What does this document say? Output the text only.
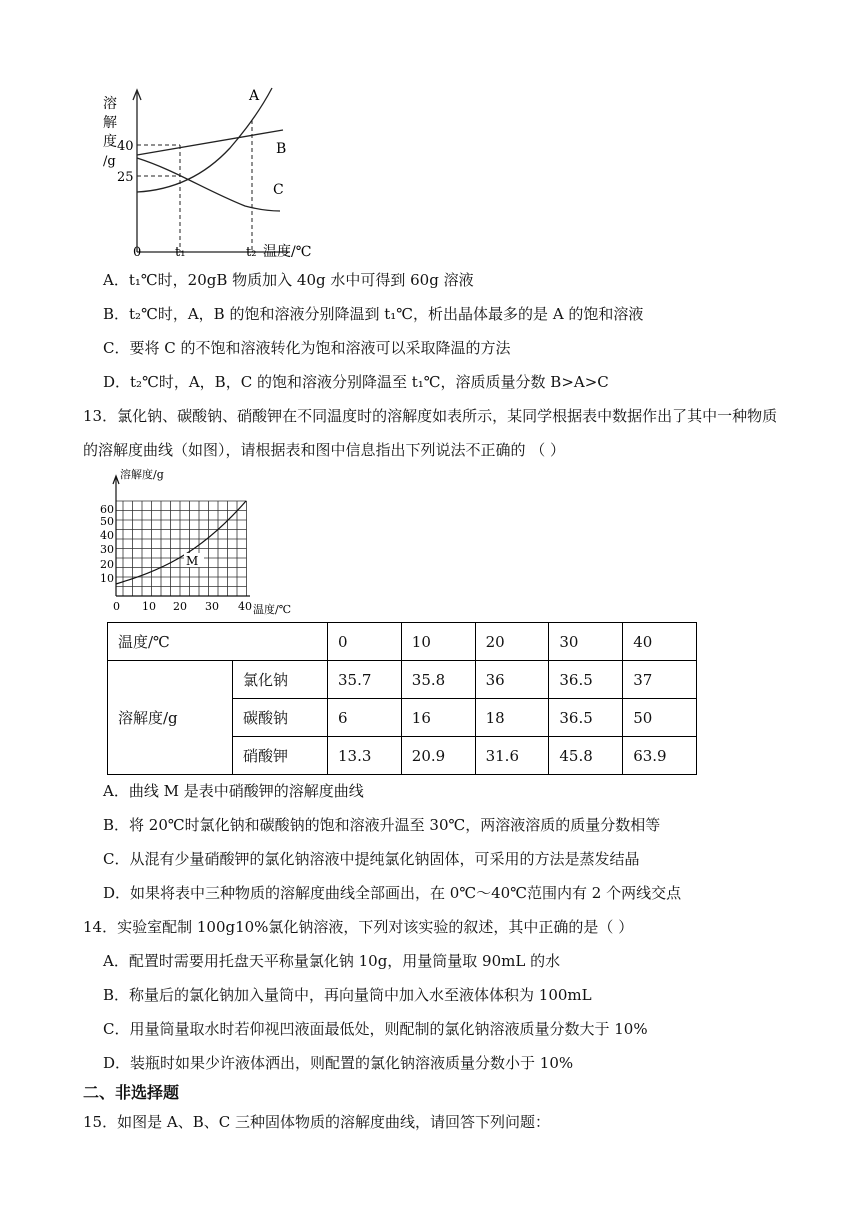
溶
解
度
/g
40
25
0	t₁	t₂ 温度/℃
A
B
C
A．t₁℃时，20gB 物质加入 40g 水中可得到 60g 溶液
B．t₂℃时，A，B 的饱和溶液分别降温到 t₁℃，析出晶体最多的是 A 的饱和溶液
C．要将 C 的不饱和溶液转化为饱和溶液可以采取降温的方法
D．t₂℃时，A，B，C 的饱和溶液分别降温至 t₁℃，溶质质量分数 B>A>C
13．氯化钠、碳酸钠、硝酸钾在不同温度时的溶解度如表所示，某同学根据表中数据作出了其中一种物质
的溶解度曲线（如图），请根据表和图中信息指出下列说法不正确的 （ ）
M
溶解度/g
60
50
40
30
20
10
0 10 20 30 40 温度/℃
温度/℃		0	10	20	30	40
溶解度/g	氯化钠	35.7	35.8	36	36.5	37
	碳酸钠	6	16	18	36.5	50
	硝酸钾	13.3	20.9	31.6	45.8	63.9
A．曲线 M 是表中硝酸钾的溶解度曲线
B．将 20℃时氯化钠和碳酸钠的饱和溶液升温至 30℃，两溶液溶质的质量分数相等
C．从混有少量硝酸钾的氯化钠溶液中提纯氯化钠固体，可采用的方法是蒸发结晶
D．如果将表中三种物质的溶解度曲线全部画出，在 0℃～40℃范围内有 2 个两线交点
14．实验室配制 100g10%氯化钠溶液，下列对该实验的叙述，其中正确的是（ ）
A．配置时需要用托盘天平称量氯化钠 10g，用量筒量取 90mL 的水
B．称量后的氯化钠加入量筒中，再向量筒中加入水至液体体积为 100mL
C．用量筒量取水时若仰视凹液面最低处，则配制的氯化钠溶液质量分数大于 10%
D．装瓶时如果少许液体洒出，则配置的氯化钠溶液质量分数小于 10%
二、非选择题
15．如图是 A、B、C 三种固体物质的溶解度曲线，请回答下列问题：
